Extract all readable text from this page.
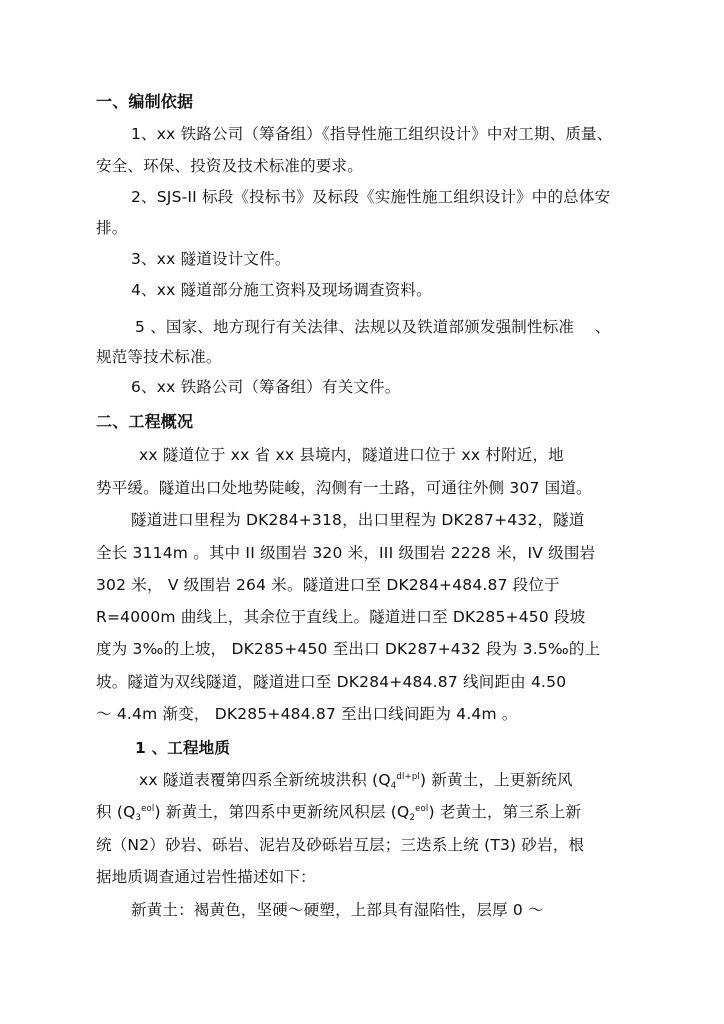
一、编制依据
1、xx 铁路公司（筹备组）《指导性施工组织设计》中对工期、质量、
安全、环保、投资及技术标准的要求。
2、SJS-II 标段《投标书》及标段《实施性施工组织设计》中的总体安
排。
3、xx 隧道设计文件。
4、xx 隧道部分施工资料及现场调查资料。
5 、国家、地方现行有关法律、法规以及铁道部颁发强制性标准　 、
规范等技术标准。
6、xx 铁路公司（筹备组）有关文件。
二、工程概况
xx 隧道位于 xx 省 xx 县境内，隧道进口位于 xx 村附近，地
势平缓。隧道出口处地势陡峻，沟侧有一土路，可通往外侧 307 国道。
隧道进口里程为 DK284+318，出口里程为 DK287+432，隧道
全长 3114m 。其中 II 级围岩 320 米，III 级围岩 2228 米，IV 级围岩
302 米， V 级围岩 264 米。隧道进口至 DK284+484.87 段位于
R=4000m 曲线上，其余位于直线上。隧道进口至 DK285+450 段坡
度为 3‰的上坡， DK285+450 至出口 DK287+432 段为 3.5‰的上
坡。隧道为双线隧道，隧道进口至 DK284+484.87 线间距由 4.50
～ 4.4m 渐变， DK285+484.87 至出口线间距为 4.4m 。
1 、工程地质
xx 隧道表覆第四系全新统坡洪积 $(Q_4^{dl+pl})$ 新黄土，上更新统风
积 $(Q_3^{eol})$ 新黄土，第四系中更新统风积层 $(Q_2^{eol})$ 老黄土，第三系上新
统（N2）砂岩、砾岩、泥岩及砂砾岩互层；三迭系上统 (T3) 砂岩，根
据地质调查通过岩性描述如下：
新黄土：褐黄色，坚硬～硬塑，上部具有湿陷性，层厚 0 ～
